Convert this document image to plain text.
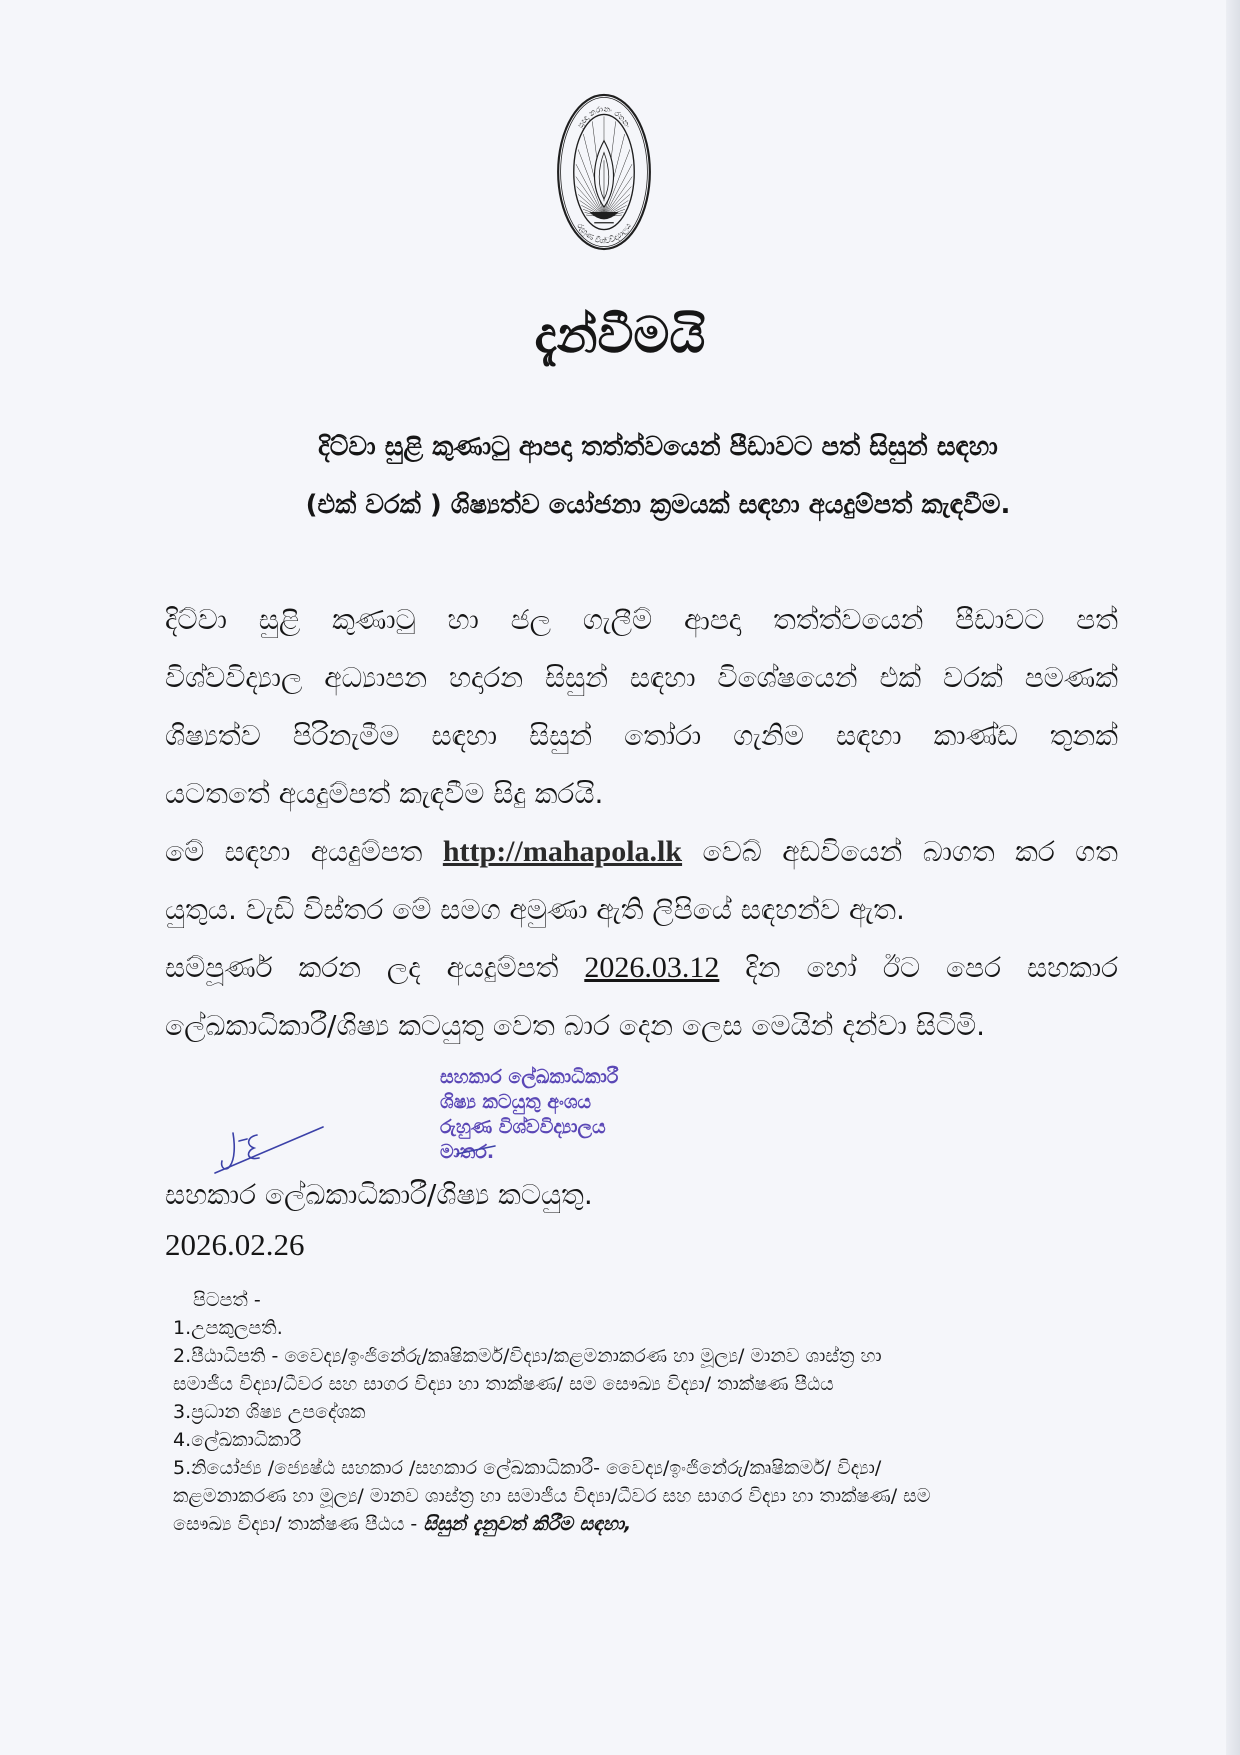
ප්‍රඥා නරානං රතනං
රුහුණ විශ්වවිද්‍යාලය
දැන්වීමයි
දිට්වා සුළි කුණාටු ආපදා තත්ත්වයෙන් පීඩාවට පත් සිසුන් සඳහා
(එක් වරක් ) ශිෂ්‍යත්ව යෝජනා ක්‍රමයක් සඳහා අයදුම්පත් කැඳවීම.
දිට්වා සුළි කුණාටු හා ජල ගැලීම් ආපදා තත්ත්වයෙන් පීඩාවට පත්
විශ්වවිද්‍යාල අධ්‍යාපන හදාරන සිසුන් සඳහා විශේෂයෙන් එක් වරක් පමණක්
ශිෂ්‍යත්ව පිරිනැමීම සඳහා සිසුන් තෝරා ගැනිම සඳහා කාණ්ඩ තුනක්
යටතතේ අයදුම්පත් කැඳවීම සිදු කරයි.
මේ සඳහා අයදුම්පත http://mahapola.lk වෙබ් අඩවියෙන් බාගත කර ගත
යුතුය. වැඩි විස්තර මේ සමග අමුණා ඇති ලිපියේ සඳහන්ව ඇත.
සම්පූර්ණ කරන ලද අයදුම්පත් 2026.03.12 දින හෝ ඊට පෙර සහකාර
ලේඛකාධිකාරී/ශිෂ්‍ය කටයුතු වෙත බාර දෙන ලෙස මෙයින් දන්වා සිටිමි.
සහකාර ලේඛකාධිකාරී
ශිෂ්‍ය කටයුතු අංශය
රුහුණ විශ්වවිද්‍යාලය
මාතර.
සහකාර ලේඛකාධිකාරී/ශිෂ්‍ය කටයුතු.
2026.02.26
පිටපත් -
1.උපකුලපති.
2.පීඨාධිපති - වෛද්‍ය/ඉංජිනේරු/කෘෂිකර්ම/විද්‍යා/කළමනාකරණ හා මූල්‍ය/ මානව ශාස්ත්‍ර හා
සමාජීය විද්‍යා/ධීවර සහ සාගර විද්‍යා හා තාක්ෂණ/ සම සෞඛ්‍ය විද්‍යා/ තාක්ෂණ පීඨය
3.ප්‍රධාන ශිෂ්‍ය උපදේශක
4.ලේඛකාධිකාරී
5.නියෝජ්‍ය /ජ්‍යෙෂ්ඨ සහකාර /සහකාර ලේඛකාධිකාරී- වෛද්‍ය/ඉංජිනේරු/කෘෂිකර්ම/ විද්‍යා/
කළමනාකරණ හා මූල්‍ය/ මානව ශාස්ත්‍ර හා සමාජීය විද්‍යා/ධීවර සහ සාගර විද්‍යා හා තාක්ෂණ/ සම
සෞඛ්‍ය විද්‍යා/ තාක්ෂණ පීඨය - සිසුන් දැනුවත් කිරීම සඳහා,
